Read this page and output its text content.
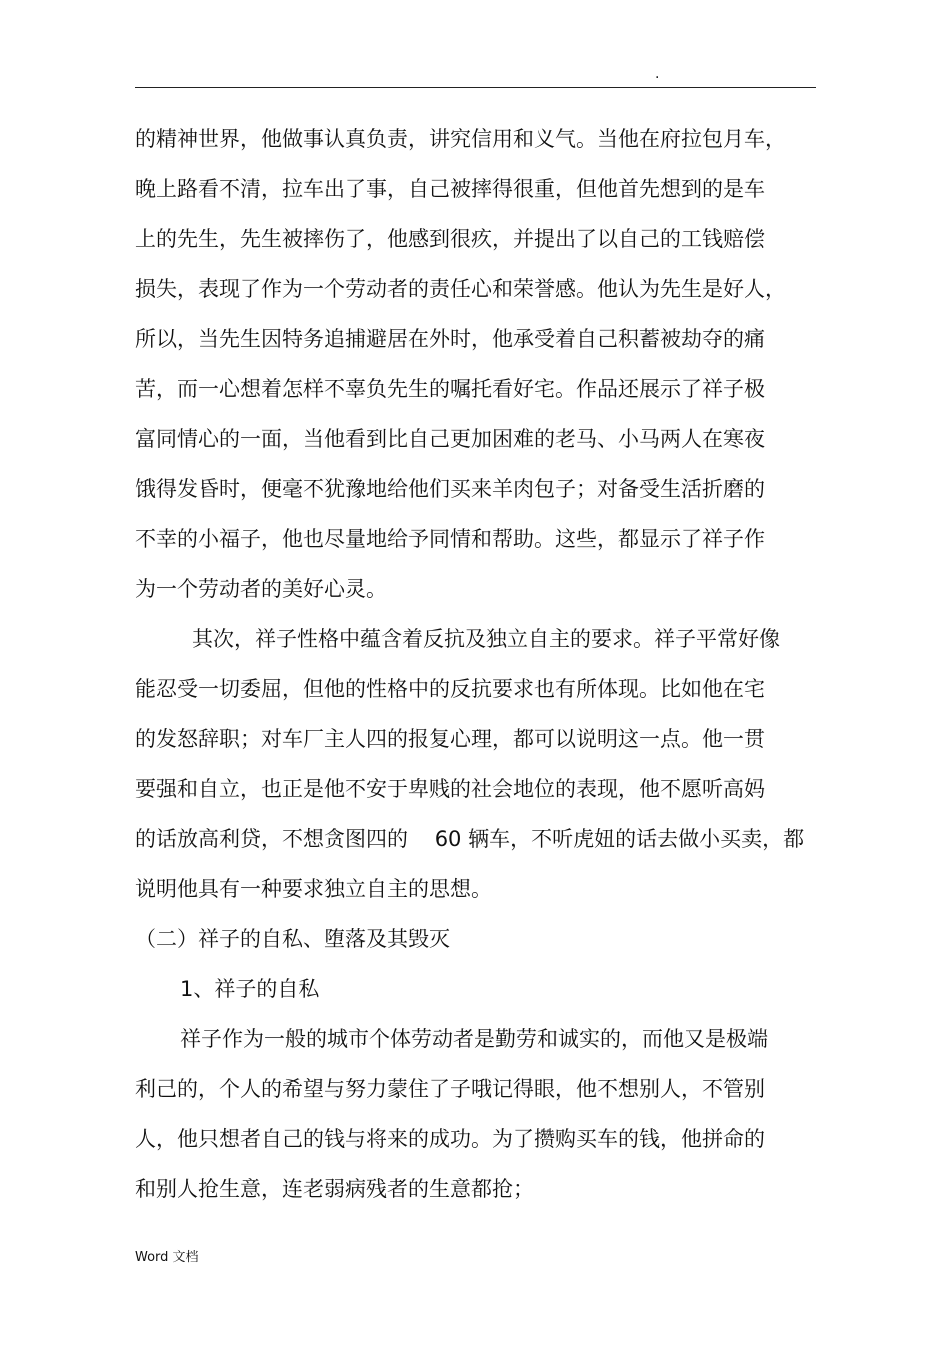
.
的精神世界，他做事认真负责，讲究信用和义气。当他在府拉包月车，
晚上路看不清，拉车出了事，自己被摔得很重，但他首先想到的是车
上的先生，先生被摔伤了，他感到很疚，并提出了以自己的工钱赔偿
损失，表现了作为一个劳动者的责任心和荣誉感。他认为先生是好人，
所以，当先生因特务追捕避居在外时，他承受着自己积蓄被劫夺的痛
苦，而一心想着怎样不辜负先生的嘱托看好宅。作品还展示了祥子极
富同情心的一面，当他看到比自己更加困难的老马、小马两人在寒夜
饿得发昏时，便毫不犹豫地给他们买来羊肉包子；对备受生活折磨的
不幸的小福子，他也尽量地给予同情和帮助。这些，都显示了祥子作
为一个劳动者的美好心灵。
其次，祥子性格中蕴含着反抗及独立自主的要求。祥子平常好像
能忍受一切委屈，但他的性格中的反抗要求也有所体现。比如他在宅
的发怒辞职；对车厂主人四的报复心理，都可以说明这一点。他一贯
要强和自立，也正是他不安于卑贱的社会地位的表现，他不愿听高妈
的话放高利贷，不想贪图四的    60 辆车，不听虎妞的话去做小买卖，都
说明他具有一种要求独立自主的思想。
（二）祥子的自私、堕落及其毁灭
1、祥子的自私
祥子作为一般的城市个体劳动者是勤劳和诚实的，而他又是极端
利己的，个人的希望与努力蒙住了子哦记得眼，他不想别人，不管别
人，他只想者自己的钱与将来的成功。为了攒购买车的钱，他拼命的
和别人抢生意，连老弱病残者的生意都抢；
Word 文档
